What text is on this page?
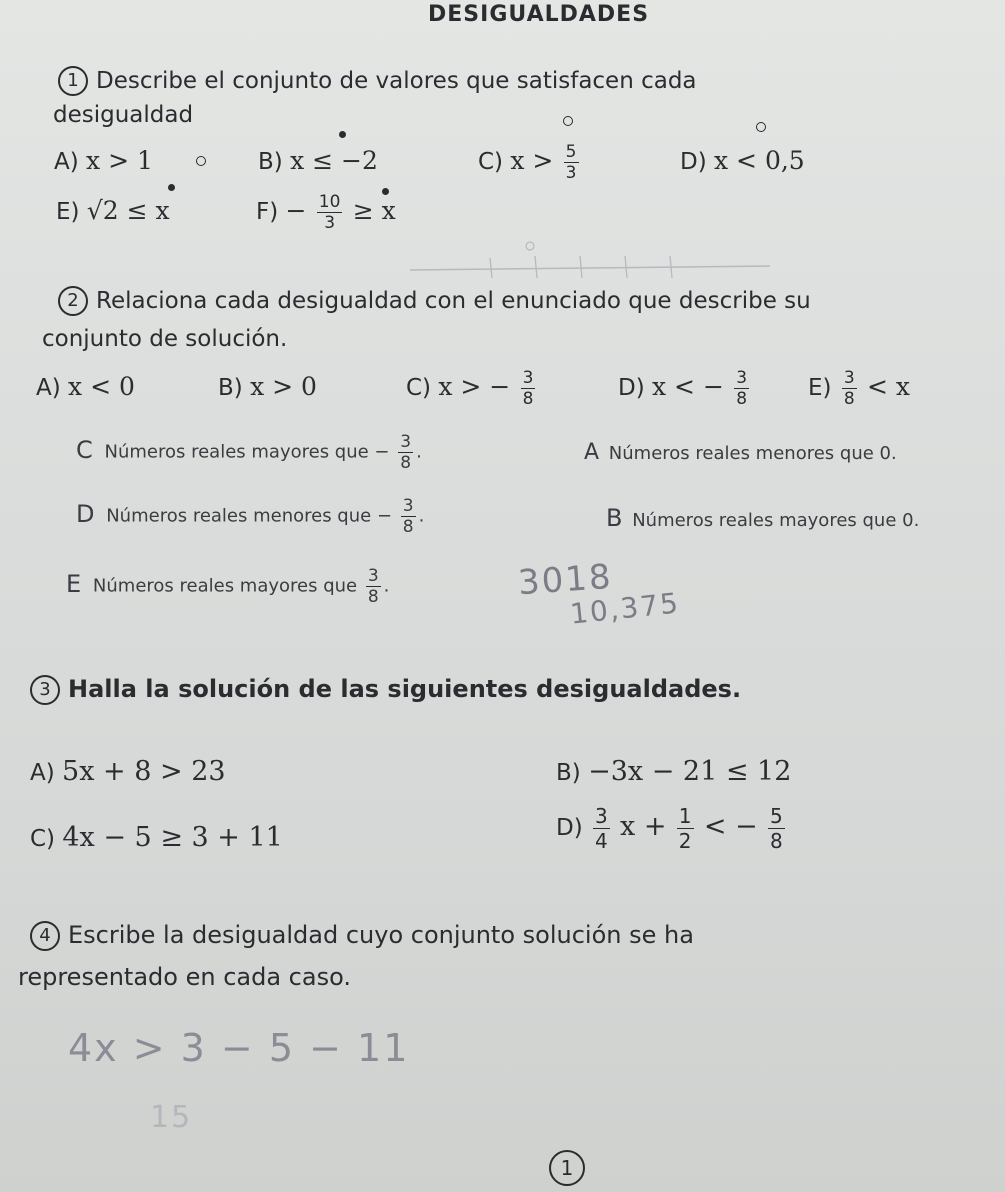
DESIGUALDADES
1 Describe el conjunto de valores que satisfacen cada
desigualdad
A) x > 1	B) x ≤ −2	C) $x > \frac{5}{3}$	D) x < 0,5
E) √2 ≤ x	$F) - \frac{10}{3} \ge x$
2 Relaciona cada desigualdad con el enunciado que describe su
conjunto de solución.
A) x < 0	B) x > 0	C) x > − $\frac{3}{8}$	D) x < − $\frac{3}{8}$	$E) \frac{3}{8} < x$
C Números reales mayores que − $\frac{3}{8}$ .	A Números reales menores que 0.
D Números reales menores que − $\frac{3}{8}$ .	B Números reales mayores que 0.
E Números reales mayores que $\frac{3}{8}$ .	3018
10,375
3 Halla la solución de las siguientes desigualdades.
A) 5x + 8 > 23	B) −3x − 21 ≤ 12
C) 4x − 5 ≥ 3 + 11	$D) \frac{3}{4}$ $x + \frac{1}{2}$ < − $\frac{5}{8}$
4 Escribe la desigualdad cuyo conjunto solución se ha
representado en cada caso.
4x > 3 − 5 − 11
15
1
